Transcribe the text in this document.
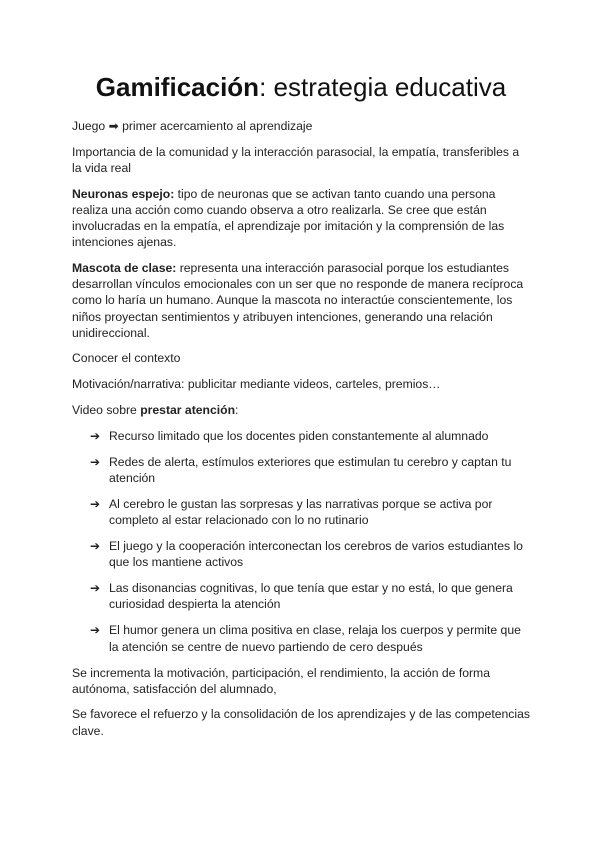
Gamificación: estrategia educativa

Juego ➡ primer acercamiento al aprendizaje

Importancia de la comunidad y la interacción parasocial, la empatía, transferibles a la vida real

Neuronas espejo: tipo de neuronas que se activan tanto cuando una persona realiza una acción como cuando observa a otro realizarla. Se cree que están involucradas en la empatía, el aprendizaje por imitación y la comprensión de las intenciones ajenas.

Mascota de clase: representa una interacción parasocial porque los estudiantes desarrollan vínculos emocionales con un ser que no responde de manera recíproca como lo haría un humano. Aunque la mascota no interactúe conscientemente, los niños proyectan sentimientos y atribuyen intenciones, generando una relación unidireccional.

Conocer el contexto

Motivación/narrativa: publicitar mediante videos, carteles, premios…

Video sobre prestar atención:

➔ Recurso limitado que los docentes piden constantemente al alumnado
➔ Redes de alerta, estímulos exteriores que estimulan tu cerebro y captan tu atención
➔ Al cerebro le gustan las sorpresas y las narrativas porque se activa por completo al estar relacionado con lo no rutinario
➔ El juego y la cooperación interconectan los cerebros de varios estudiantes lo que los mantiene activos
➔ Las disonancias cognitivas, lo que tenía que estar y no está, lo que genera curiosidad despierta la atención
➔ El humor genera un clima positiva en clase, relaja los cuerpos y permite que la atención se centre de nuevo partiendo de cero después

Se incrementa la motivación, participación, el rendimiento, la acción de forma autónoma, satisfacción del alumnado,

Se favorece el refuerzo y la consolidación de los aprendizajes y de las competencias clave.
